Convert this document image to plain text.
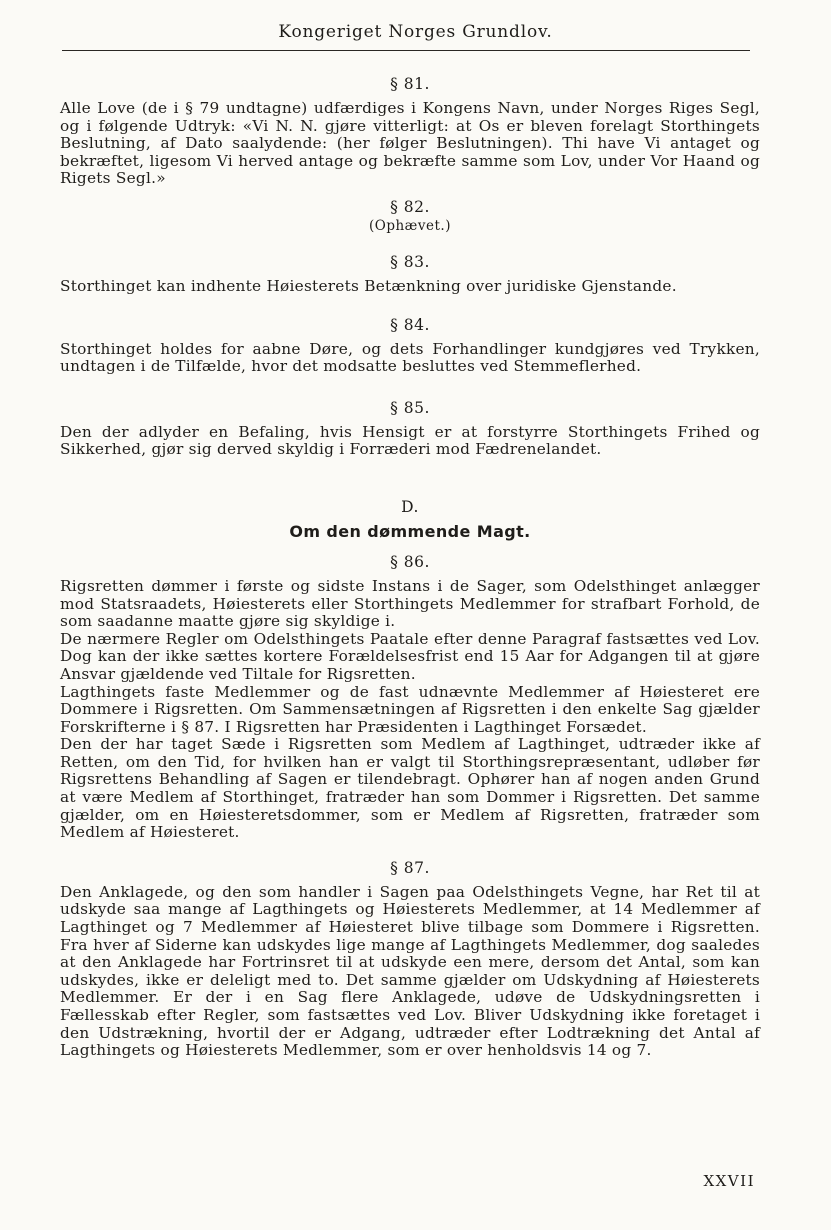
Kongeriget Norges Grundlov.
§ 81.

Alle Love (de i § 79 undtagne) udfærdiges i Kongens Navn, under Norges Riges Segl, og i følgende Udtryk: «Vi N. N. gjøre vitterligt: at Os er bleven forelagt Storthingets Beslutning, af Dato saalydende: (her følger Beslutningen). Thi have Vi antaget og bekræftet, ligesom Vi herved antage og bekræfte samme som Lov, under Vor Haand og Rigets Segl.»

§ 82.
(Ophævet.)
§ 83.

Storthinget kan indhente Høiesterets Betænkning over juridiske Gjenstande.

§ 84.

Storthinget holdes for aabne Døre, og dets Forhandlinger kundgjøres ved Trykken, undtagen i de Tilfælde, hvor det modsatte besluttes ved Stemmeflerhed.

§ 85.

Den der adlyder en Befaling, hvis Hensigt er at forstyrre Storthingets Frihed og Sikkerhed, gjør sig derved skyldig i Forræderi mod Fædrenelandet.

D.
Om den dømmende Magt.
§ 86.

Rigsretten dømmer i første og sidste Instans i de Sager, som Odelsthinget anlægger mod Statsraadets, Høiesterets eller Storthingets Medlemmer for strafbart Forhold, de som saadanne maatte gjøre sig skyldige i.

De nærmere Regler om Odelsthingets Paatale efter denne Paragraf fastsættes ved Lov. Dog kan der ikke sættes kortere Forældelsesfrist end 15 Aar for Adgangen til at gjøre Ansvar gjældende ved Tiltale for Rigsretten.

Lagthingets faste Medlemmer og de fast udnævnte Medlemmer af Høiesteret ere Dommere i Rigsretten. Om Sammensætningen af Rigsretten i den enkelte Sag gjælder Forskrifterne i § 87. I Rigsretten har Præsidenten i Lagthinget Forsædet.

Den der har taget Sæde i Rigsretten som Medlem af Lagthinget, udtræder ikke af Retten, om den Tid, for hvilken han er valgt til Storthingsrepræsentant, udløber før Rigsrettens Behandling af Sagen er tilendebragt. Ophører han af nogen anden Grund at være Medlem af Storthinget, fratræder han som Dommer i Rigsretten. Det samme gjælder, om en Høiesteretsdommer, som er Medlem af Rigsretten, fratræder som Medlem af Høiesteret.

§ 87.

Den Anklagede, og den som handler i Sagen paa Odelsthingets Vegne, har Ret til at udskyde saa mange af Lagthingets og Høiesterets Medlemmer, at 14 Medlemmer af Lagthinget og 7 Medlemmer af Høiesteret blive tilbage som Dommere i Rigsretten. Fra hver af Siderne kan udskydes lige mange af Lagthingets Medlemmer, dog saaledes at den Anklagede har Fortrinsret til at udskyde een mere, dersom det Antal, som kan udskydes, ikke er deleligt med to. Det samme gjælder om Udskydning af Høiesterets Medlemmer. Er der i en Sag flere Anklagede, udøve de Udskydningsretten i Fællesskab efter Regler, som fastsættes ved Lov. Bliver Udskydning ikke foretaget i den Udstrækning, hvortil der er Adgang, udtræder efter Lodtrækning det Antal af Lagthingets og Høiesterets Medlemmer, som er over henholdsvis 14 og 7.

XXVII
